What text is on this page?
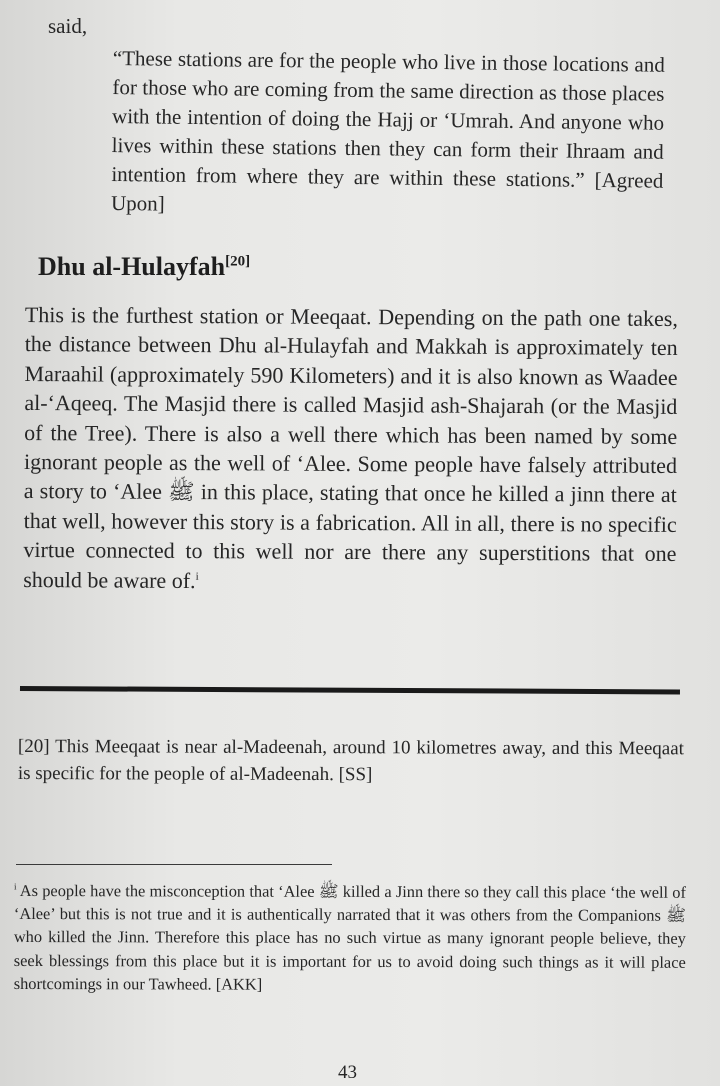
said,

“These stations are for the people who live in those locations and for those who are coming from the same direction as those places with the intention of doing the Hajj or ‘Umrah. And anyone who lives within these stations then they can form their Ihraam and intention from where they are within these stations.” [Agreed Upon]

Dhu al-Hulayfah[20]

This is the furthest station or Meeqaat. Depending on the path one takes, the distance between Dhu al-Hulayfah and Makkah is approximately ten Maraahil (approximately 590 Kilometers) and it is also known as Waadee al-‘Aqeeq. The Masjid there is called Masjid ash-Shajarah (or the Masjid of the Tree). There is also a well there which has been named by some ignorant people as the well of ‘Alee. Some people have falsely attributed a story to ‘Alee ﷺ in this place, stating that once he killed a jinn there at that well, however this story is a fabrication. All in all, there is no specific virtue connected to this well nor are there any superstitions that one should be aware of.$^i$

[20] This Meeqaat is near al-Madeenah, around 10 kilometres away, and this Meeqaat is specific for the people of al-Madeenah. [SS]

$^i$ As people have the misconception that ‘Alee ﷺ killed a Jinn there so they call this place ‘the well of ‘Alee’ but this is not true and it is authentically narrated that it was others from the Companions ﷺ who killed the Jinn. Therefore this place has no such virtue as many ignorant people believe, they seek blessings from this place but it is important for us to avoid doing such things as it will place shortcomings in our Tawheed. [AKK]

43
